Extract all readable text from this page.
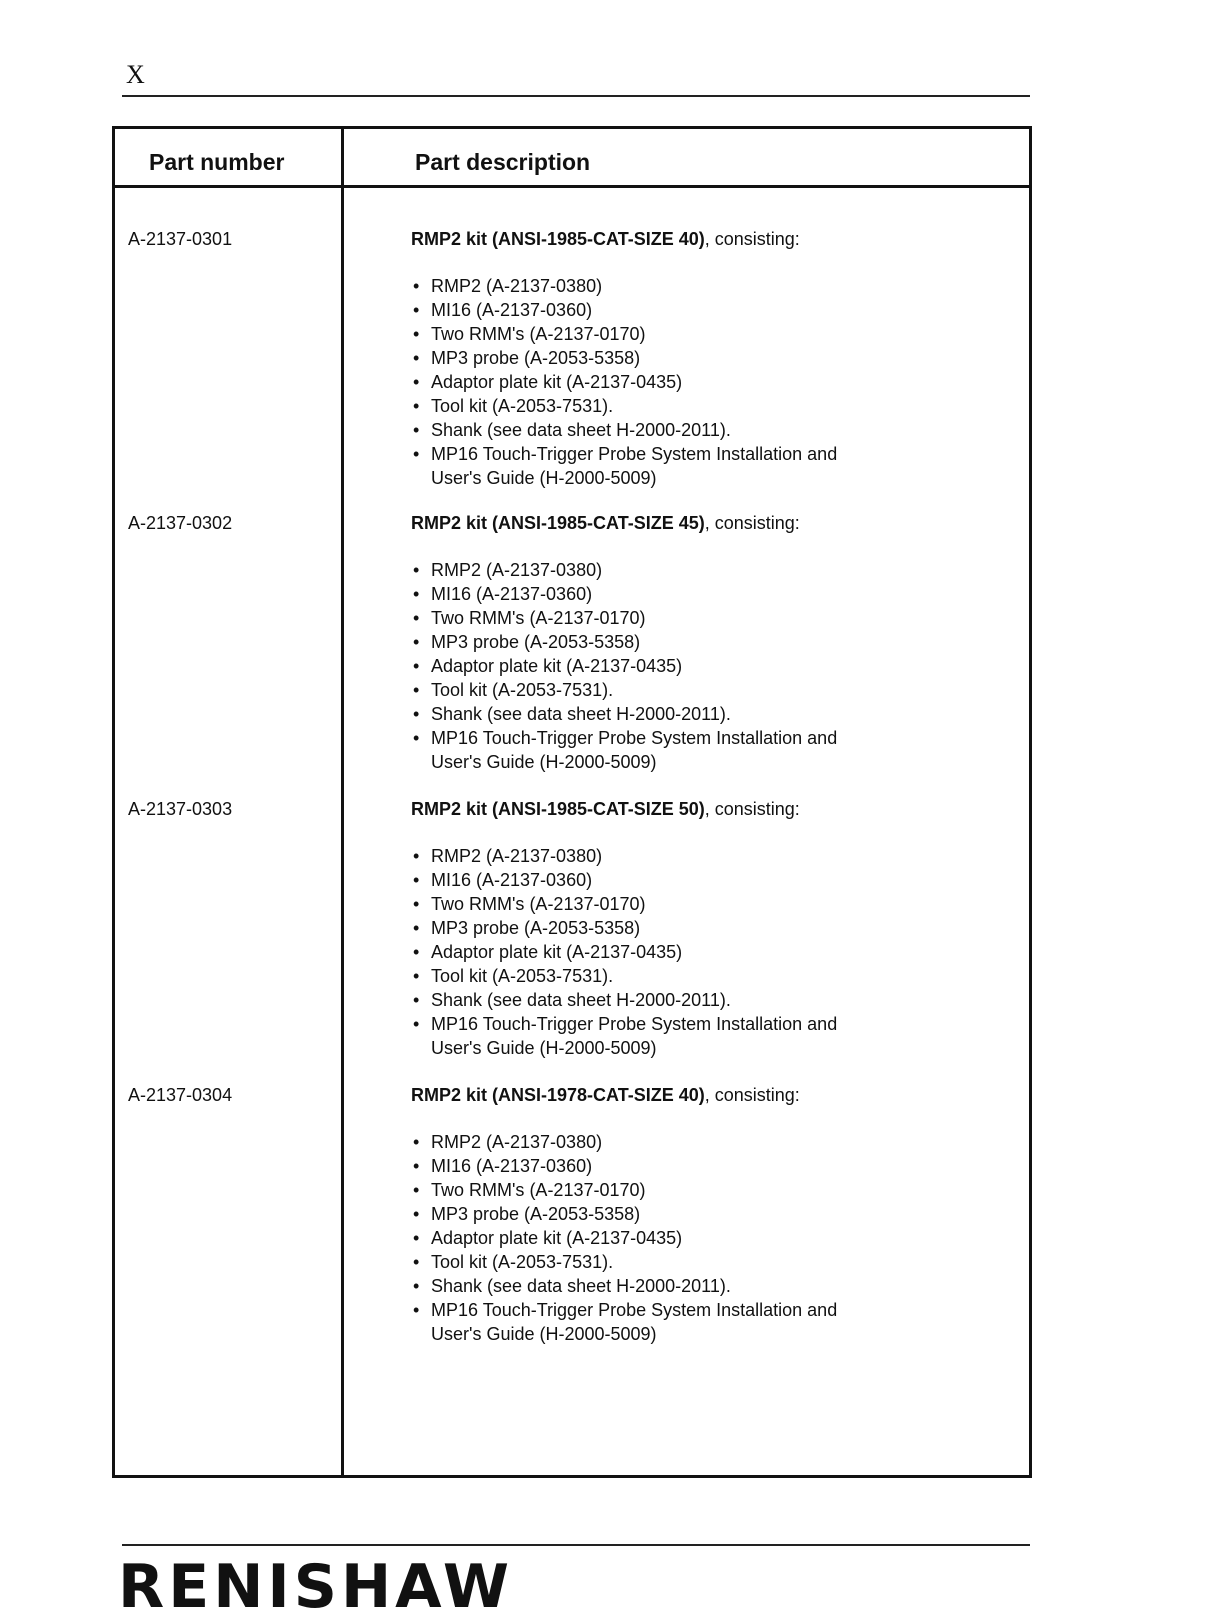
X
Part number	Part description
A-2137-0301	RMP2 kit (ANSI-1985-CAT-SIZE 40), consisting:
• RMP2 (A-2137-0380)
• MI16 (A-2137-0360)
• Two RMM's (A-2137-0170)
• MP3 probe (A-2053-5358)
• Adaptor plate kit (A-2137-0435)
• Tool kit (A-2053-7531).
• Shank (see data sheet H-2000-2011).
• MP16 Touch-Trigger Probe System Installation and User's Guide (H-2000-5009)
A-2137-0302	RMP2 kit (ANSI-1985-CAT-SIZE 45), consisting:
• RMP2 (A-2137-0380)
• MI16 (A-2137-0360)
• Two RMM's (A-2137-0170)
• MP3 probe (A-2053-5358)
• Adaptor plate kit (A-2137-0435)
• Tool kit (A-2053-7531).
• Shank (see data sheet H-2000-2011).
• MP16 Touch-Trigger Probe System Installation and User's Guide (H-2000-5009)
A-2137-0303	RMP2 kit (ANSI-1985-CAT-SIZE 50), consisting:
• RMP2 (A-2137-0380)
• MI16 (A-2137-0360)
• Two RMM's (A-2137-0170)
• MP3 probe (A-2053-5358)
• Adaptor plate kit (A-2137-0435)
• Tool kit (A-2053-7531).
• Shank (see data sheet H-2000-2011).
• MP16 Touch-Trigger Probe System Installation and User's Guide (H-2000-5009)
A-2137-0304	RMP2 kit (ANSI-1978-CAT-SIZE 40), consisting:
• RMP2 (A-2137-0380)
• MI16 (A-2137-0360)
• Two RMM's (A-2137-0170)
• MP3 probe (A-2053-5358)
• Adaptor plate kit (A-2137-0435)
• Tool kit (A-2053-7531).
• Shank (see data sheet H-2000-2011).
• MP16 Touch-Trigger Probe System Installation and User's Guide (H-2000-5009)
RENISHAW
